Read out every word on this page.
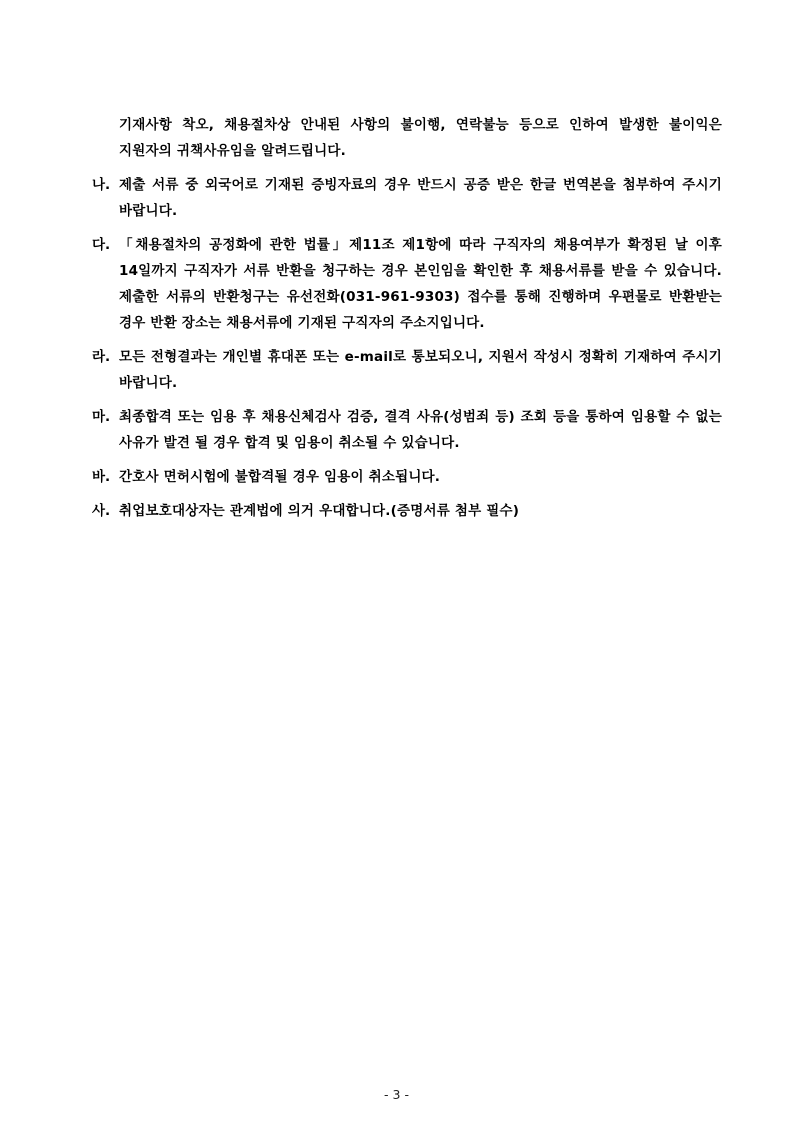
기재사항 착오, 채용절차상 안내된 사항의 불이행, 연락불능 등으로 인하여 발생한 불이익은 지원자의 귀책사유임을 알려드립니다.
나. 제출 서류 중 외국어로 기재된 증빙자료의 경우 반드시 공증 받은 한글 번역본을 첨부하여 주시기 바랍니다.
다. 「채용절차의 공정화에 관한 법률」제11조 제1항에 따라 구직자의 채용여부가 확정된 날 이후 14일까지 구직자가 서류 반환을 청구하는 경우 본인임을 확인한 후 채용서류를 받을 수 있습니다. 제출한 서류의 반환청구는 유선전화(031-961-9303) 접수를 통해 진행하며 우편물로 반환받는 경우 반환 장소는 채용서류에 기재된 구직자의 주소지입니다.
라. 모든 전형결과는 개인별 휴대폰 또는 e-mail로 통보되오니, 지원서 작성시 정확히 기재하여 주시기 바랍니다.
마. 최종합격 또는 임용 후 채용신체검사 검증, 결격 사유(성범죄 등) 조회 등을 통하여 임용할 수 없는 사유가 발견 될 경우 합격 및 임용이 취소될 수 있습니다.
바. 간호사 면허시험에 불합격될 경우 임용이 취소됩니다.
사. 취업보호대상자는 관계법에 의거 우대합니다.(증명서류 첨부 필수)
- 3 -
